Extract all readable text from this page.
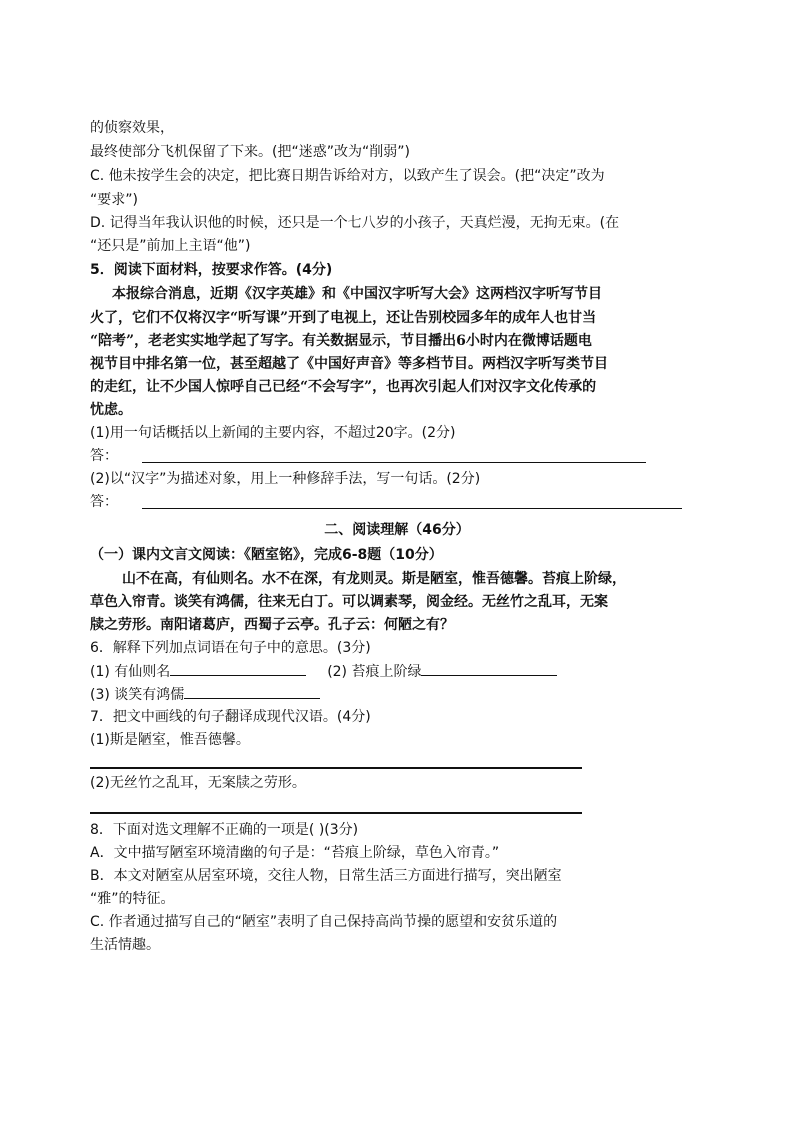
的侦察效果，
最终使部分飞机保留了下来。(把“迷惑”改为“削弱”)
C. 他未按学生会的决定，把比赛日期告诉给对方，以致产生了误会。(把“决定”改为
“要求”)
D. 记得当年我认识他的时候，还只是一个七八岁的小孩子，天真烂漫，无拘无束。(在
“还只是”前加上主语“他”)
5．阅读下面材料，按要求作答。(4分)
本报综合消息，近期《汉字英雄》和《中国汉字听写大会》这两档汉字听写节目
火了，它们不仅将汉字“听写课”开到了电视上，还让告别校园多年的成年人也甘当
“陪考”，老老实实地学起了写字。有关数据显示，节目播出6小时内在微博话题电
视节目中排名第一位，甚至超越了《中国好声音》等多档节目。两档汉字听写类节目
的走红，让不少国人惊呼自己已经“不会写字”，也再次引起人们对汉字文化传承的
忧虑。
(1)用一句话概括以上新闻的主要内容，不超过20字。(2分)
答：
(2)以“汉字”为描述对象，用上一种修辞手法，写一句话。(2分)
答：
二、阅读理解（46分）
（一）课内文言文阅读：《陋室铭》，完成6-8题（10分）
山不在高，有仙则名。水不在深，有龙则灵。斯是陋室，惟吾德馨。苔痕上阶绿，
草色入帘青。谈笑有鸿儒，往来无白丁。可以调素琴，阅金经。无丝竹之乱耳，无案
牍之劳形。南阳诸葛庐，西蜀子云亭。孔子云：何陋之有？
6．解释下列加点词语在句子中的意思。(3分)
(1) 有仙则名	(2) 苔痕上阶绿
(3) 谈笑有鸿儒
7．把文中画线的句子翻译成现代汉语。(4分)
(1)斯是陋室，惟吾德馨。
(2)无丝竹之乱耳，无案牍之劳形。
8．下面对选文理解不正确的一项是( )(3分)
A．文中描写陋室环境清幽的句子是：“苔痕上阶绿，草色入帘青。”
B．本文对陋室从居室环境，交往人物，日常生活三方面进行描写，突出陋室
“雅”的特征。
C. 作者通过描写自己的“陋室”表明了自己保持高尚节操的愿望和安贫乐道的
生活情趣。
